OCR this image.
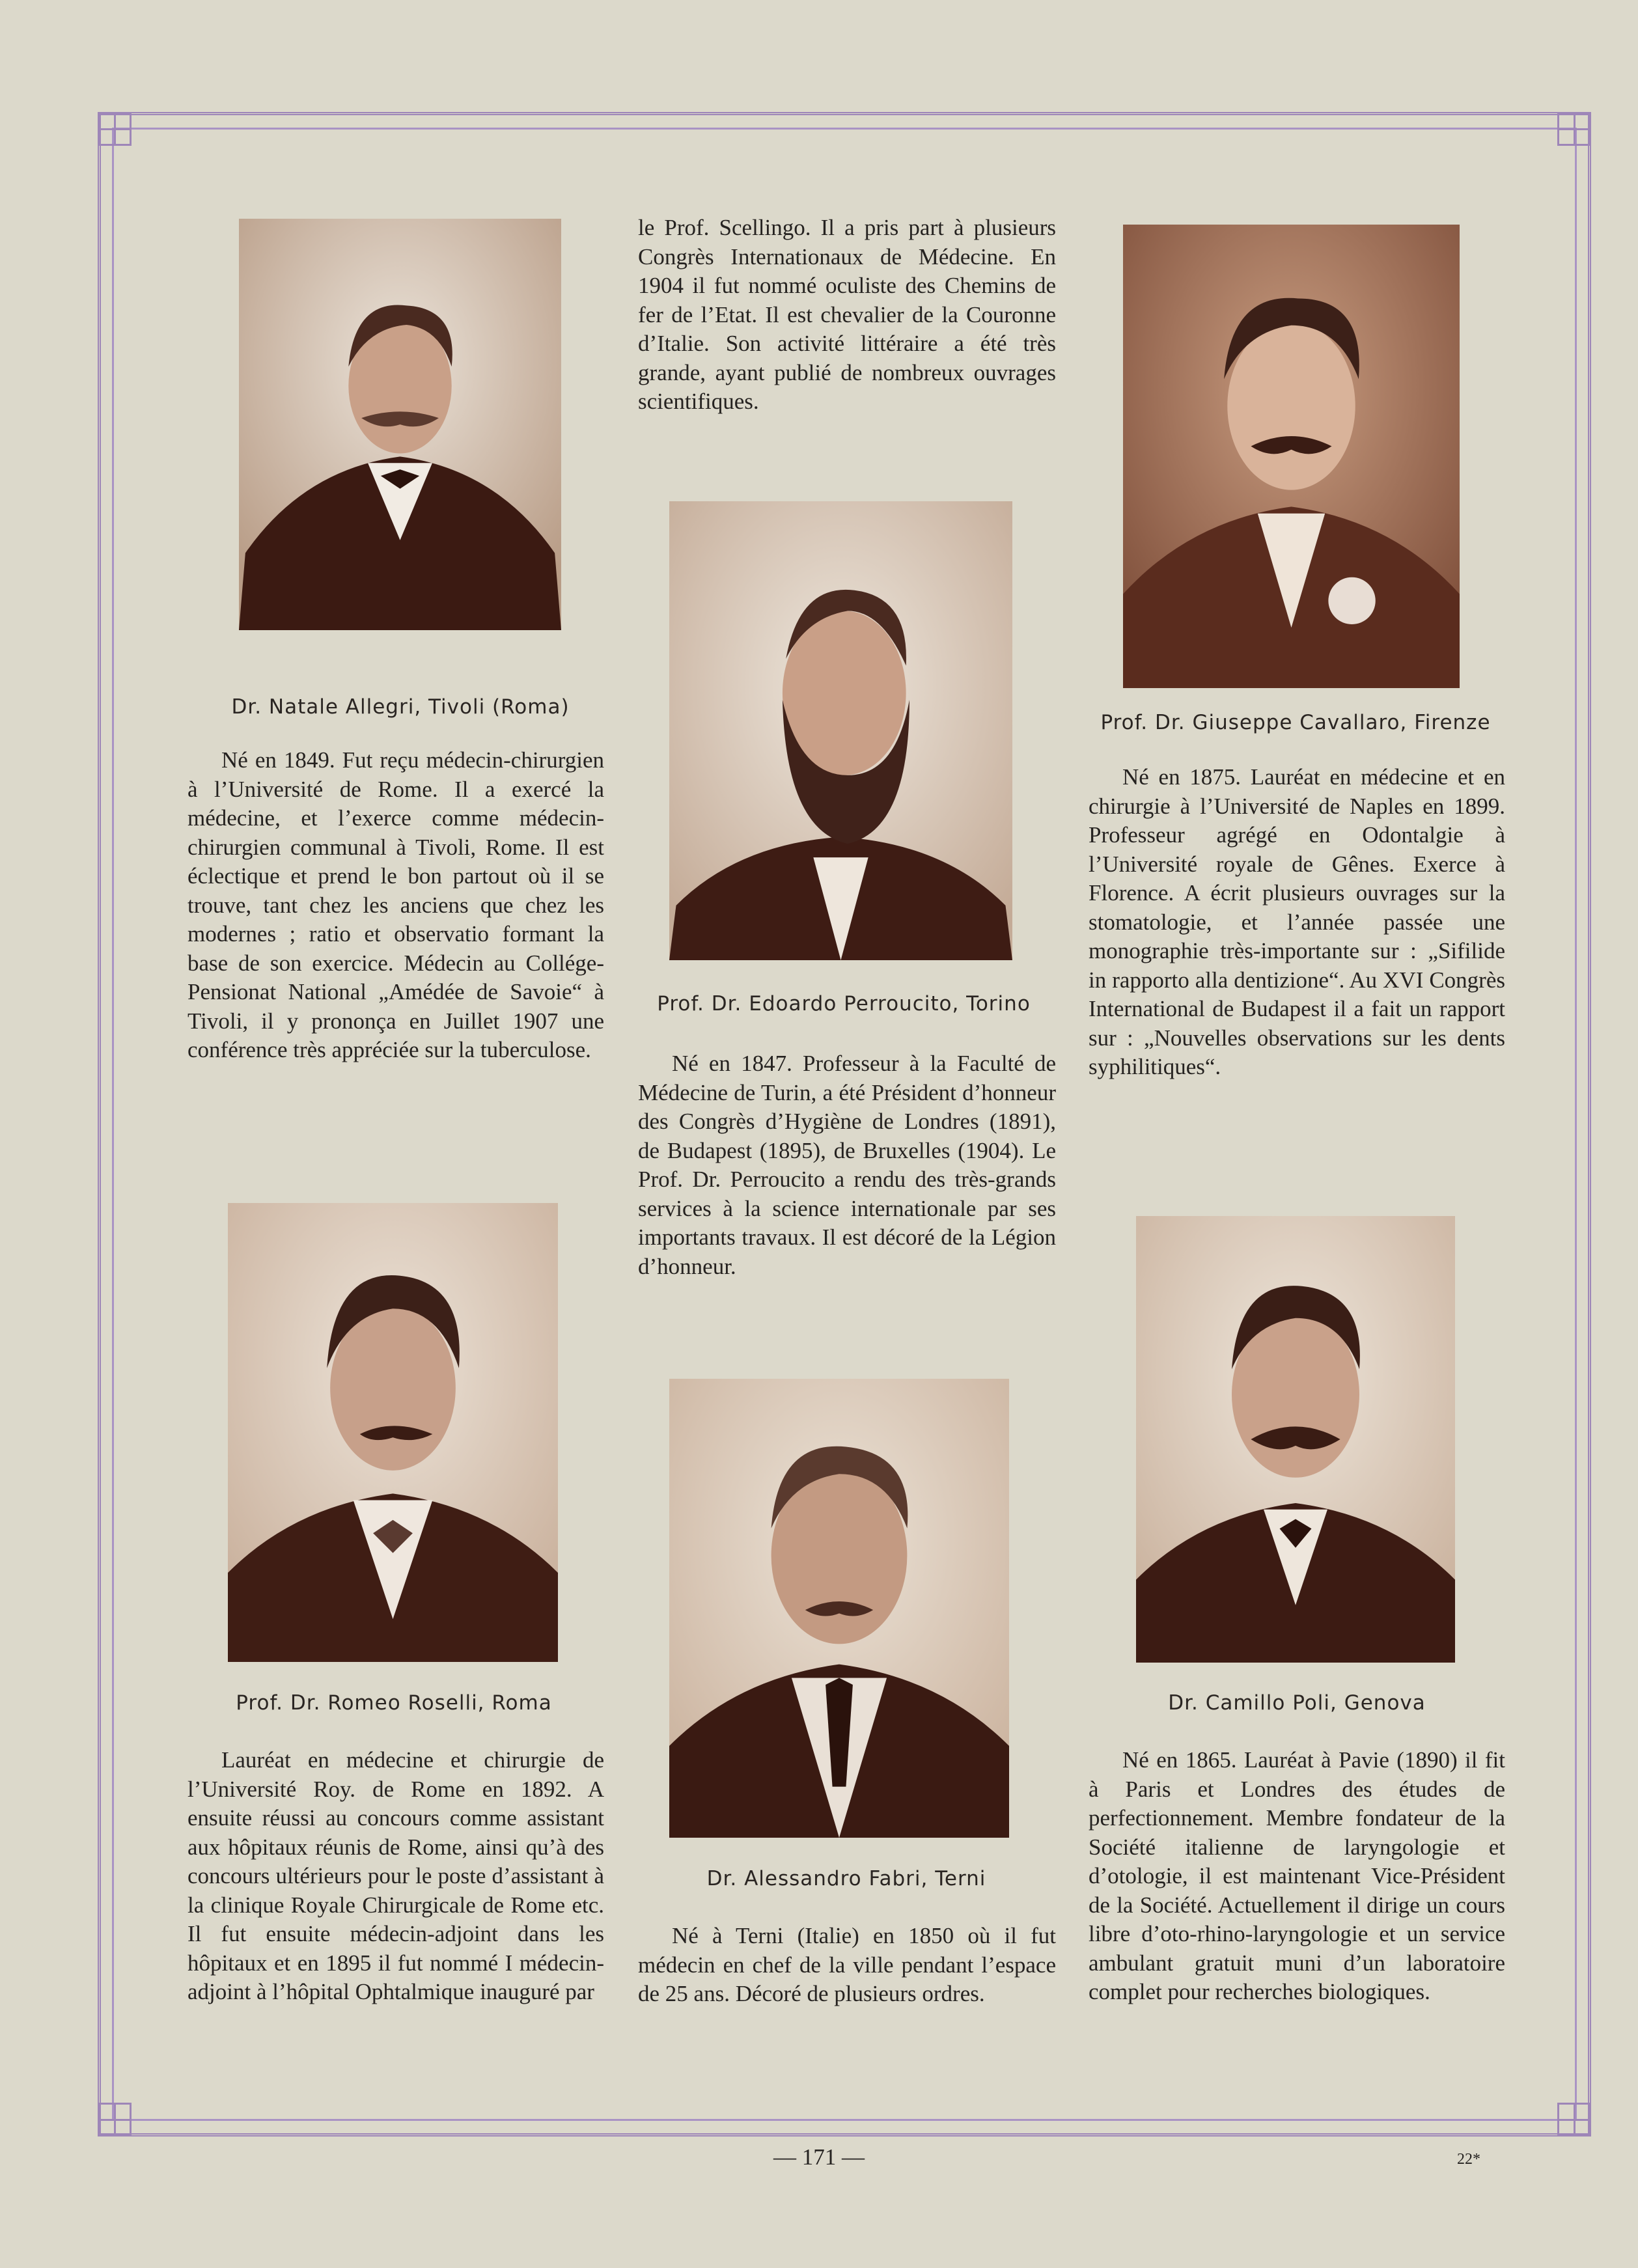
Dr. Natale Allegri, Tivoli (Roma)
Né en 1849. Fut reçu médecin-chirurgien à l’Université de Rome. Il a exercé la médecine, et l’exerce comme médecin-chirurgien communal à Tivoli, Rome. Il est éclectique et prend le bon partout où il se trouve, tant chez les anciens que chez les modernes ; ratio et observatio formant la base de son exercice. Médecin au Collége-Pensionat National „Amédée de Savoie“ à Tivoli, il y prononça en Juillet 1907 une conférence très appréciée sur la tuberculose.
le Prof. Scellingo. Il a pris part à plusieurs Congrès Internationaux de Médecine. En 1904 il fut nommé oculiste des Chemins de fer de l’Etat. Il est chevalier de la Couronne d’Italie. Son activité littéraire a été très grande, ayant publié de nombreux ouvrages scientifiques.
Prof. Dr. Edoardo Perroucito, Torino
Né en 1847. Professeur à la Faculté de Médecine de Turin, a été Président d’honneur des Congrès d’Hygiène de Londres (1891), de Budapest (1895), de Bruxelles (1904). Le Prof. Dr. Perroucito a rendu des très-grands services à la science internationale par ses importants travaux. Il est décoré de la Légion d’honneur.
Prof. Dr. Giuseppe Cavallaro, Firenze
Né en 1875. Lauréat en médecine et en chirurgie à l’Université de Naples en 1899. Professeur agrégé en Odontalgie à l’Université royale de Gênes. Exerce à Florence. A écrit plusieurs ouvrages sur la stomatologie, et l’année passée une monographie très-importante sur : „Sifilide in rapporto alla dentizione“. Au XVI Congrès International de Budapest il a fait un rapport sur : „Nouvelles observations sur les dents syphilitiques“.
Prof. Dr. Romeo Roselli, Roma
Lauréat en médecine et chirurgie de l’Université Roy. de Rome en 1892. A ensuite réussi au concours comme assistant aux hôpitaux réunis de Rome, ainsi qu’à des concours ultérieurs pour le poste d’assistant à la clinique Royale Chirurgicale de Rome etc. Il fut ensuite médecin-adjoint dans les hôpitaux et en 1895 il fut nommé I médecin-adjoint à l’hôpital Ophtalmique inauguré par
Dr. Alessandro Fabri, Terni
Né à Terni (Italie) en 1850 où il fut médecin en chef de la ville pendant l’espace de 25 ans. Décoré de plusieurs ordres.
Dr. Camillo Poli, Genova
Né en 1865. Lauréat à Pavie (1890) il fit à Paris et Londres des études de perfectionnement. Membre fondateur de la Société italienne de laryngologie et d’otologie, il est maintenant Vice-Président de la Société. Actuellement il dirige un cours libre d’oto-rhino-laryngologie et un service ambulant gratuit muni d’un laboratoire complet pour recherches biologiques.
— 171 —	22*
